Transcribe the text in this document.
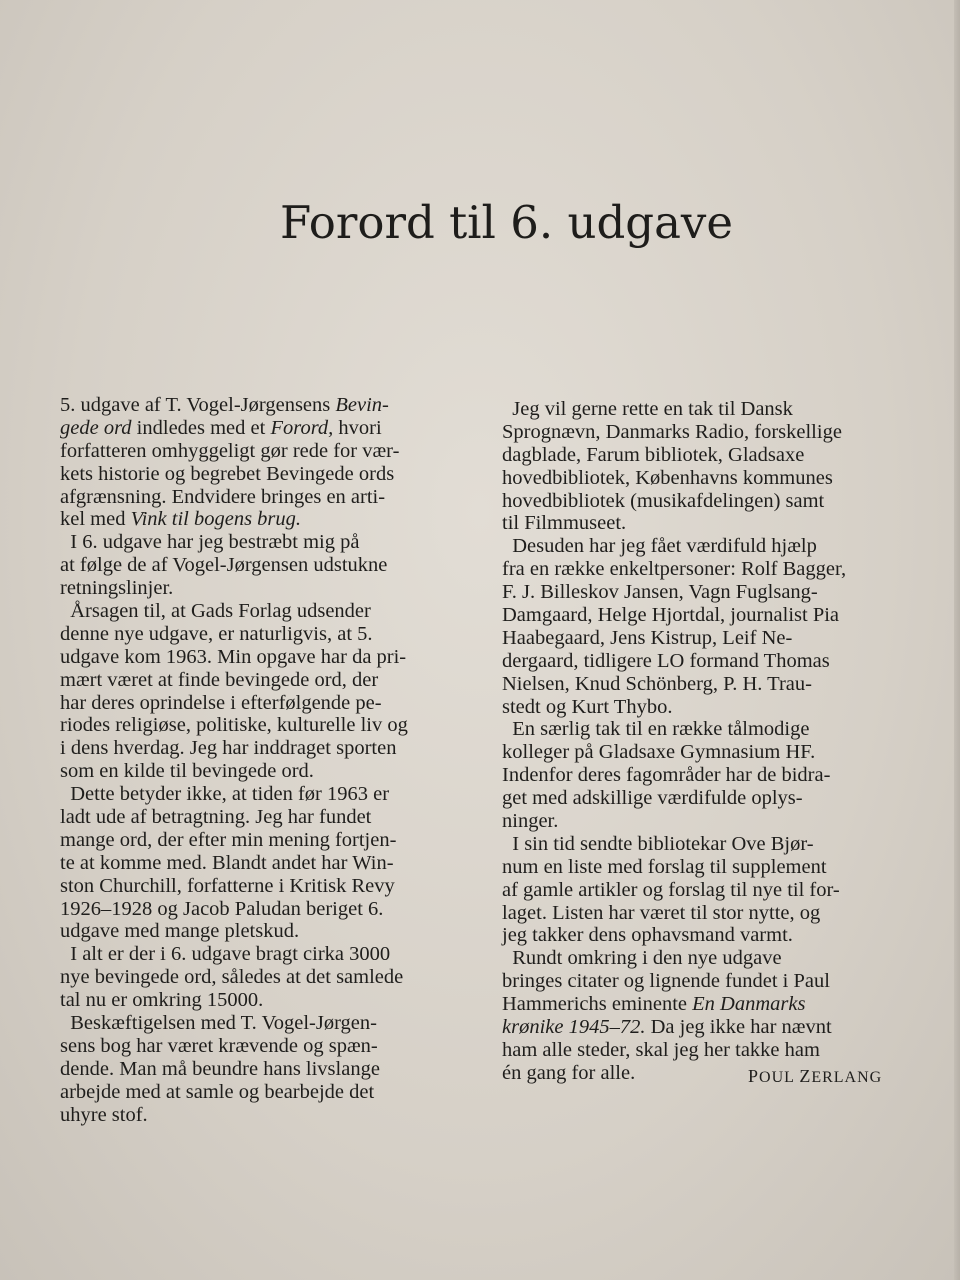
Forord til 6. udgave
5. udgave af T. Vogel-Jørgensens Bevin-
gede ord indledes med et Forord, hvori
forfatteren omhyggeligt gør rede for vær-
kets historie og begrebet Bevingede ords
afgrænsning. Endvidere bringes en arti-
kel med Vink til bogens brug.
I 6. udgave har jeg bestræbt mig på
at følge de af Vogel-Jørgensen udstukne
retningslinjer.
Årsagen til, at Gads Forlag udsender
denne nye udgave, er naturligvis, at 5.
udgave kom 1963. Min opgave har da pri-
mært været at finde bevingede ord, der
har deres oprindelse i efterfølgende pe-
riodes religiøse, politiske, kulturelle liv og
i dens hverdag. Jeg har inddraget sporten
som en kilde til bevingede ord.
Dette betyder ikke, at tiden før 1963 er
ladt ude af betragtning. Jeg har fundet
mange ord, der efter min mening fortjen-
te at komme med. Blandt andet har Win-
ston Churchill, forfatterne i Kritisk Revy
1926–1928 og Jacob Paludan beriget 6.
udgave med mange pletskud.
I alt er der i 6. udgave bragt cirka 3000
nye bevingede ord, således at det samlede
tal nu er omkring 15000.
Beskæftigelsen med T. Vogel-Jørgen-
sens bog har været krævende og spæn-
dende. Man må beundre hans livslange
arbejde med at samle og bearbejde det
uhyre stof.
Jeg vil gerne rette en tak til Dansk
Sprognævn, Danmarks Radio, forskellige
dagblade, Farum bibliotek, Gladsaxe
hovedbibliotek, Københavns kommunes
hovedbibliotek (musikafdelingen) samt
til Filmmuseet.
Desuden har jeg fået værdifuld hjælp
fra en række enkeltpersoner: Rolf Bagger,
F. J. Billeskov Jansen, Vagn Fuglsang-
Damgaard, Helge Hjortdal, journalist Pia
Haabegaard, Jens Kistrup, Leif Ne-
dergaard, tidligere LO formand Thomas
Nielsen, Knud Schönberg, P. H. Trau-
stedt og Kurt Thybo.
En særlig tak til en række tålmodige
kolleger på Gladsaxe Gymnasium HF.
Indenfor deres fagområder har de bidra-
get med adskillige værdifulde oplys-
ninger.
I sin tid sendte bibliotekar Ove Bjør-
num en liste med forslag til supplement
af gamle artikler og forslag til nye til for-
laget. Listen har været til stor nytte, og
jeg takker dens ophavsmand varmt.
Rundt omkring i den nye udgave
bringes citater og lignende fundet i Paul
Hammerichs eminente En Danmarks
krønike 1945–72. Da jeg ikke har nævnt
ham alle steder, skal jeg her takke ham
én gang for alle.	POUL ZERLANG
